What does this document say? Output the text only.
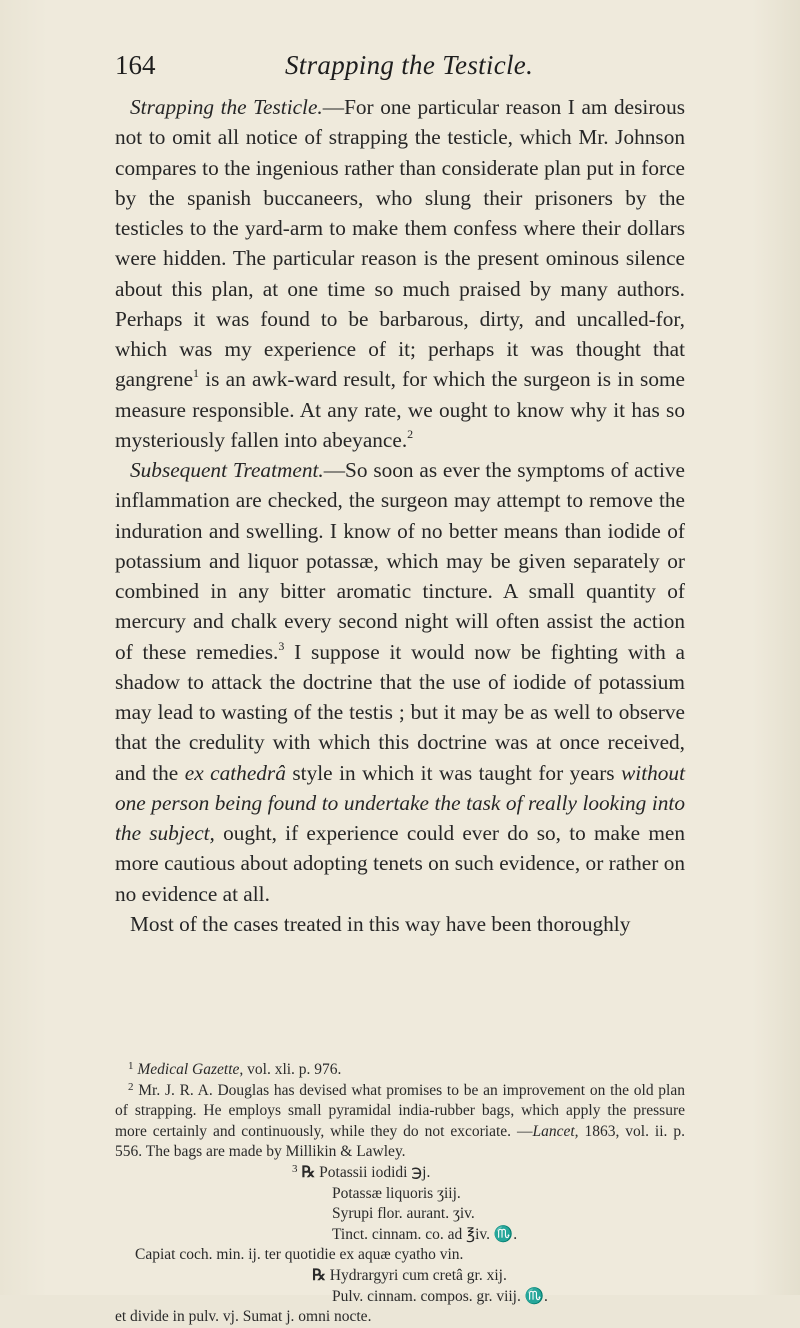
164	Strapping the Testicle.

Strapping the Testicle.—For one particular reason I am desirous not to omit all notice of strapping the testicle, which Mr. Johnson compares to the ingenious rather than considerate plan put in force by the spanish buccaneers, who slung their prisoners by the testicles to the yard-arm to make them confess where their dollars were hidden. The particular reason is the present ominous silence about this plan, at one time so much praised by many authors. Perhaps it was found to be barbarous, dirty, and uncalled-for, which was my experience of it; perhaps it was thought that gangrene$^1$ is an awk-ward result, for which the surgeon is in some measure responsible. At any rate, we ought to know why it has so mysteriously fallen into abeyance.$^2$

Subsequent Treatment.—So soon as ever the symptoms of active inflammation are checked, the surgeon may attempt to remove the induration and swelling. I know of no better means than iodide of potassium and liquor potassæ, which may be given separately or combined in any bitter aromatic tincture. A small quantity of mercury and chalk every second night will often assist the action of these remedies.$^3$ I suppose it would now be fighting with a shadow to attack the doctrine that the use of iodide of potassium may lead to wasting of the testis ; but it may be as well to observe that the credulity with which this doctrine was at once received, and the ex cathedrâ style in which it was taught for years without one person being found to undertake the task of really looking into the subject, ought, if experience could ever do so, to make men more cautious about adopting tenets on such evidence, or rather on no evidence at all.

Most of the cases treated in this way have been thoroughly

$^1$ Medical Gazette, vol. xli. p. 976.

$^2$ Mr. J. R. A. Douglas has devised what promises to be an improvement on the old plan of strapping. He employs small pyramidal india-rubber bags, which apply the pressure more certainly and continuously, while they do not excoriate. —Lancet, 1863, vol. ii. p. 556. The bags are made by Millikin & Lawley.

$^3$ ℞ Potassii iodidi ℈j.

Potassæ liquoris ʒiij.

Syrupi flor. aurant. ʒiv.

Tinct. cinnam. co. ad ℥iv. ♏.

Capiat coch. min. ij. ter quotidie ex aquæ cyatho vin.

℞ Hydrargyri cum cretâ gr. xij.

Pulv. cinnam. compos. gr. viij. ♏.

et divide in pulv. vj. Sumat j. omni nocte.
